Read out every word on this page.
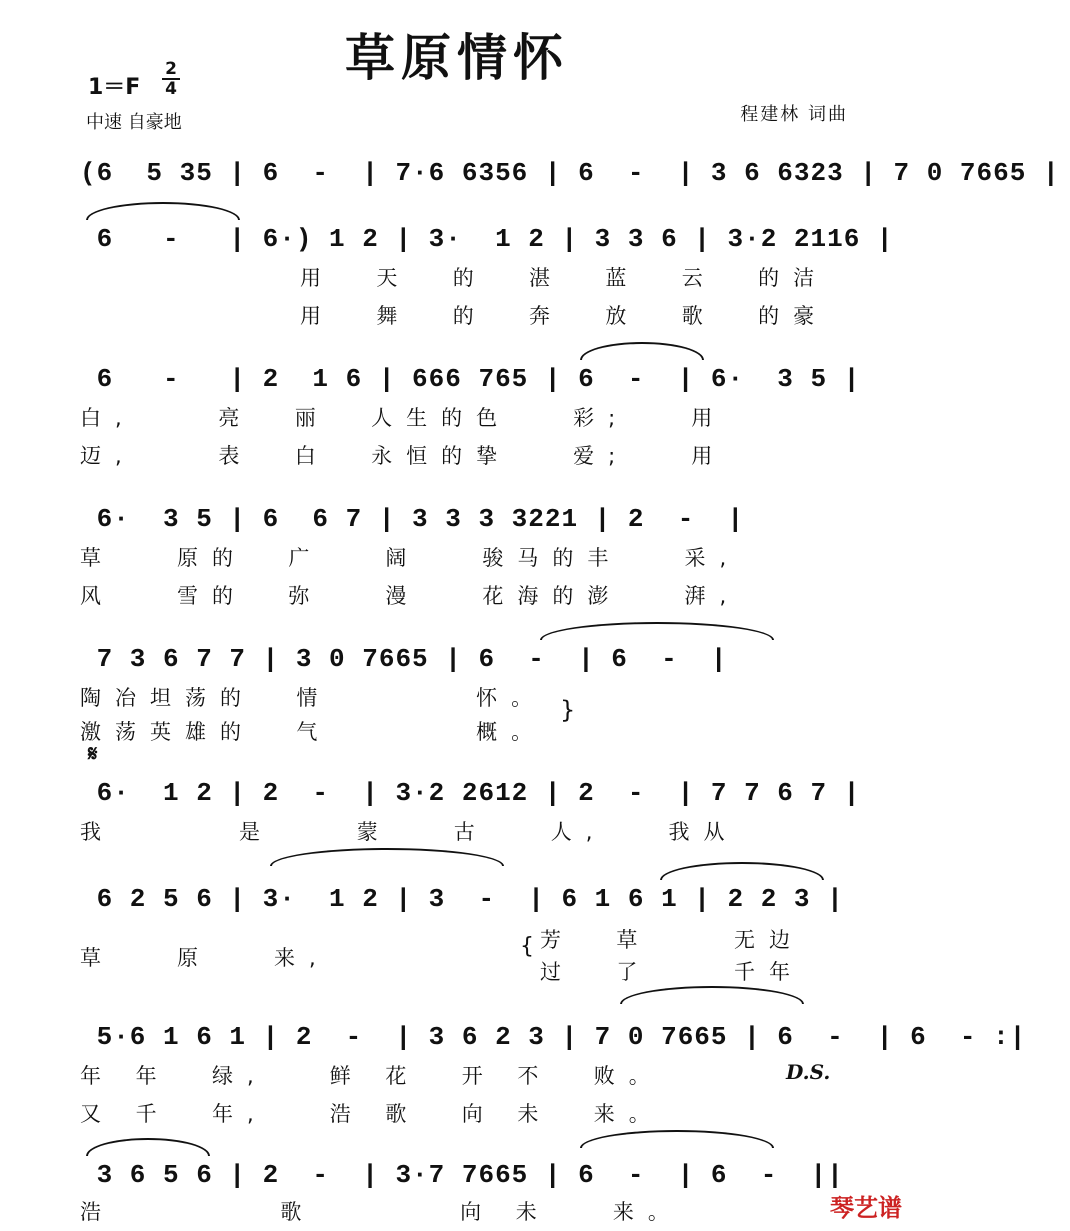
草原情怀
1＝F
2
4
中速 自豪地	程建林 词曲
(6  5 35 | 6  -  | 7·6 6356 | 6  -  | 3 6 6323 | 7 0 7665 |
6   -   | 6·) 1 2 | 3·  1 2 | 3 3 6 | 3·2 2116 |
用  天  的  湛  蓝  云  的洁
用  舞  的  奔  放  歌  的豪
6   -   | 2  1 6 | 666 765 | 6  -  | 6·  3 5 |
白,    亮  丽  人生的色   彩;   用
迈,    表  白  永恒的挚   爱;   用
6·  3 5 | 6  6 7 | 3 3 3 3221 | 2  -  |
草   原的  广   阔   骏马的丰   采,
风   雪的  弥   漫   花海的澎   湃,
7 3 6 7 7 | 3 0 7665 | 6  -  | 6  -  |
陶冶坦荡的  情       怀。
激荡英雄的  气       概。
}
𝄋
6·  1 2 | 2  -  | 3·2 2612 | 2  -  | 7 7 6 7 |
我      是    蒙   古   人,   我从
6 2 5 6 | 3·  1 2 | 3  -  | 6 1 6 1 | 2 2 3 |
草   原   来,	{ 芳  草    无边
过  了    千年
5·6 1 6 1 | 2  -  | 3 6 2 3 | 7 0 7665 | 6  -  | 6  - :|
年 年  绿,   鲜 花  开 不  败。	D.S.
又 千  年,   浩 歌  向 未  来。
3 6 5 6 | 2  -  | 3·7 7665 | 6  -  | 6  -  ||
浩        歌       向 未   来。	琴艺谱
